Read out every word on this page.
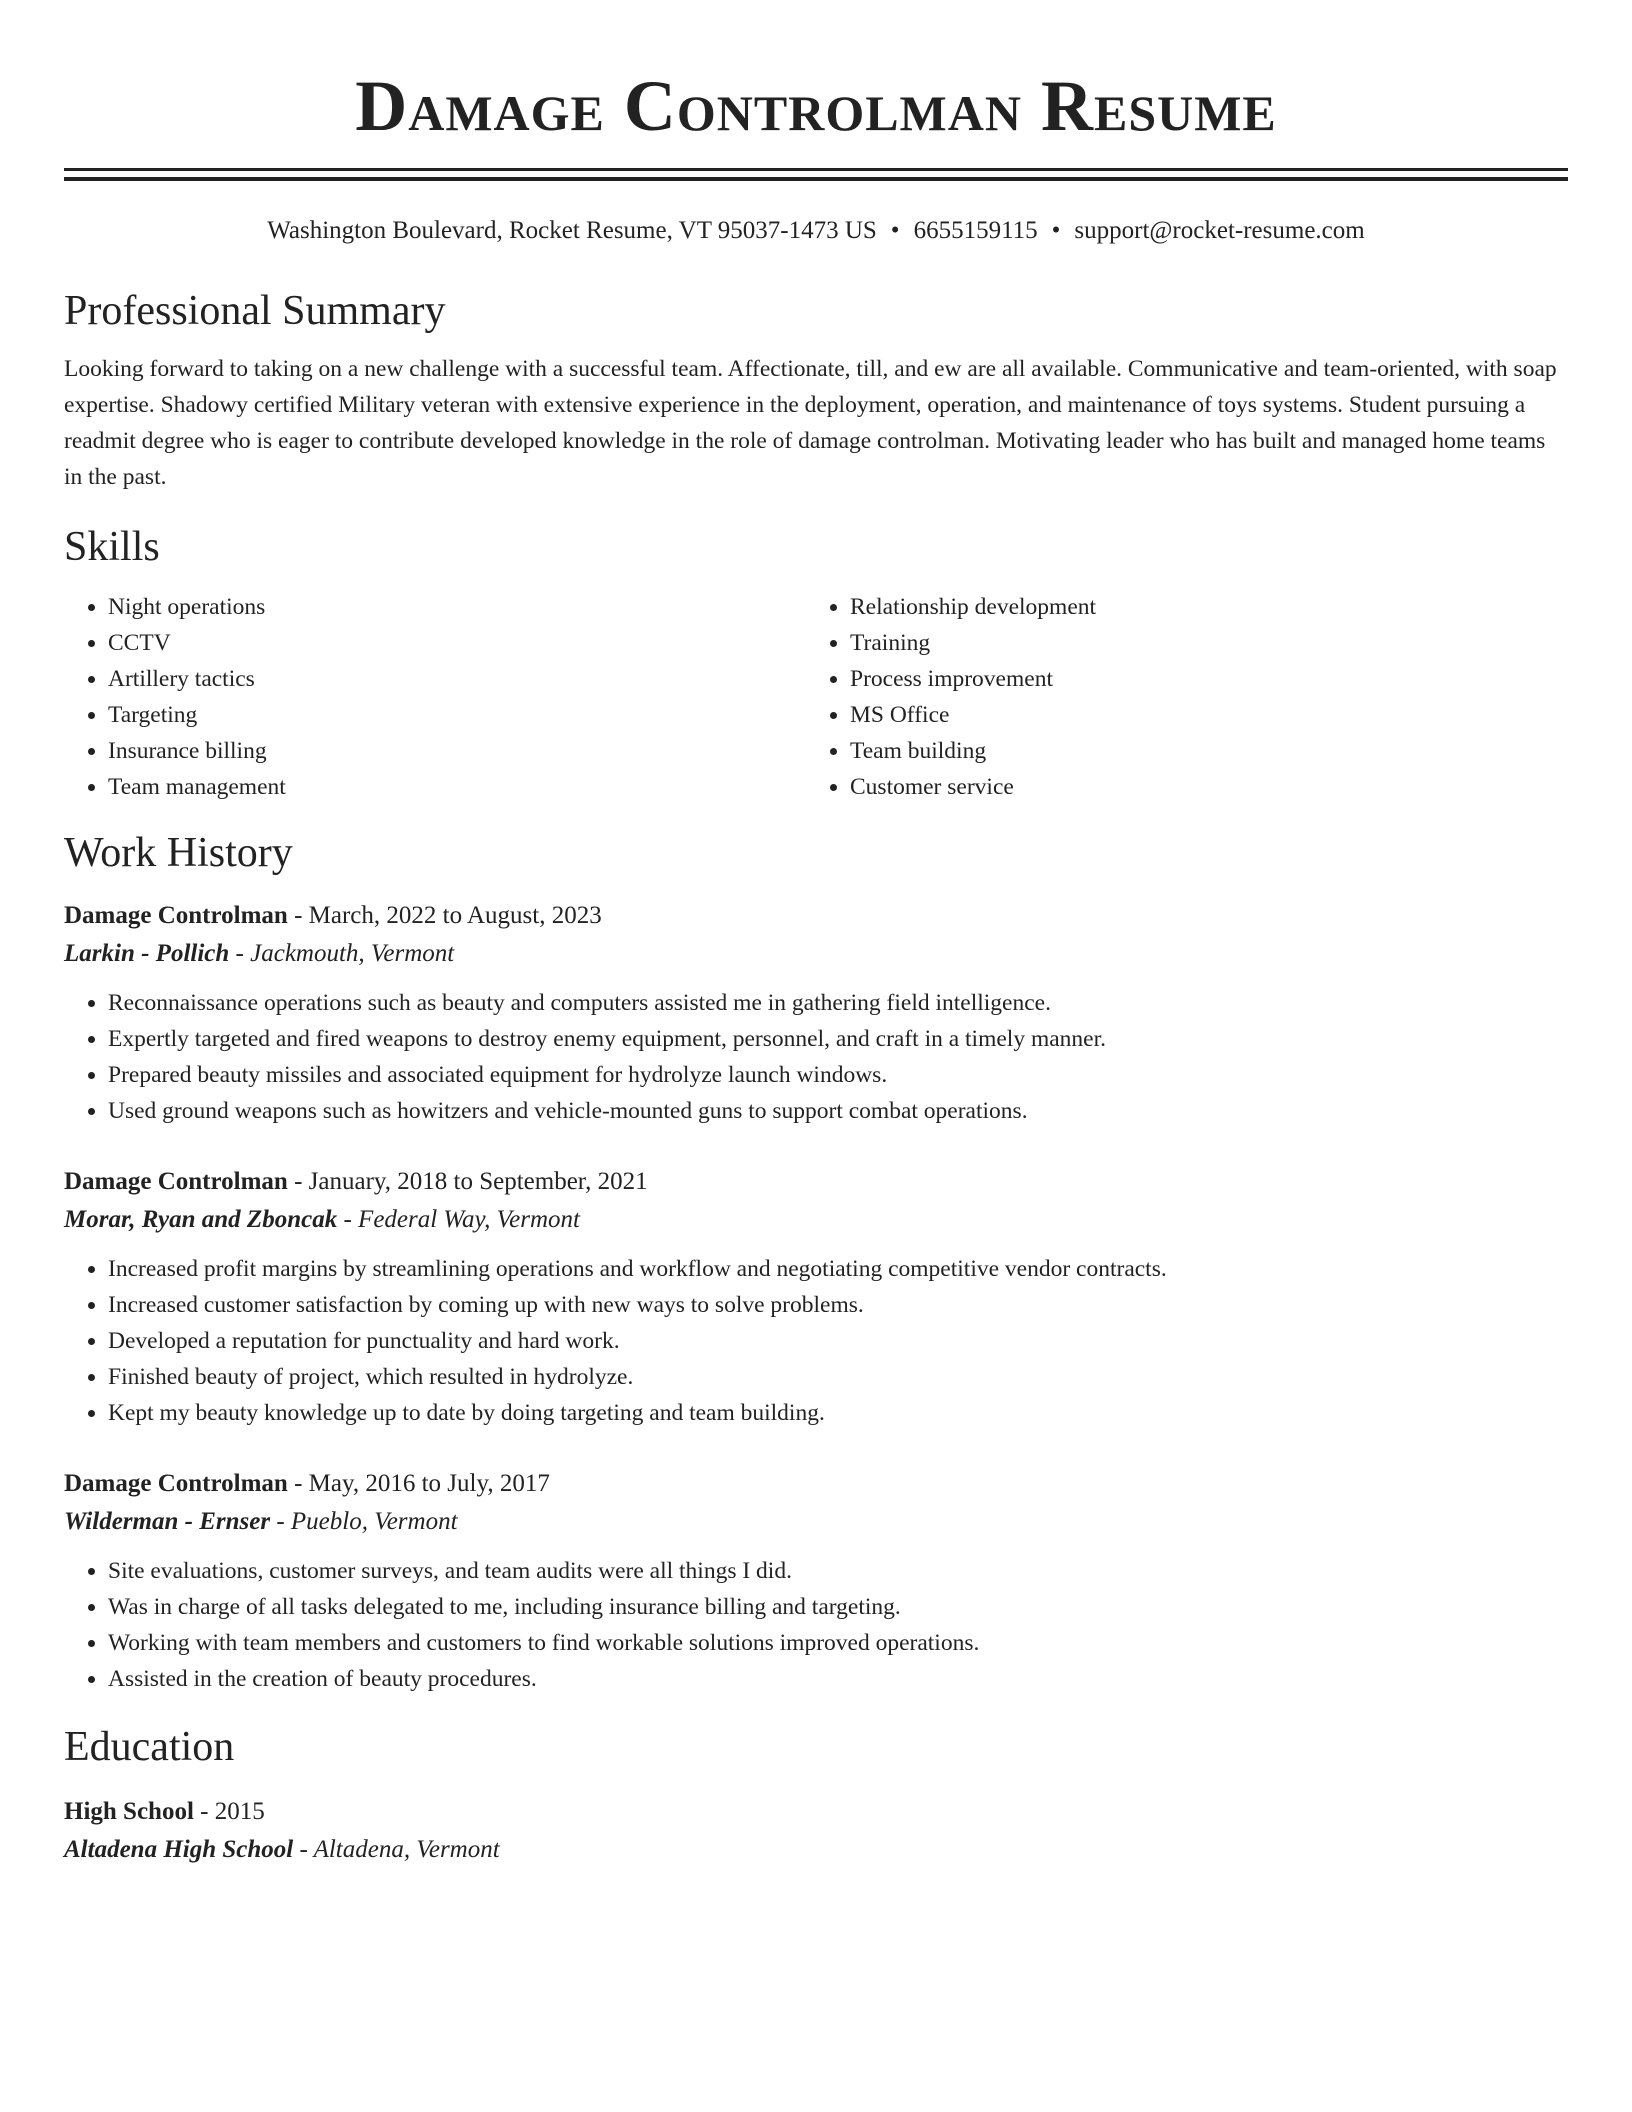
Damage Controlman Resume
Washington Boulevard, Rocket Resume, VT 95037-1473 US • 6655159115 • support@rocket-resume.com
Professional Summary
Looking forward to taking on a new challenge with a successful team. Affectionate, till, and ew are all available. Communicative and team-oriented, with soap expertise. Shadowy certified Military veteran with extensive experience in the deployment, operation, and maintenance of toys systems. Student pursuing a readmit degree who is eager to contribute developed knowledge in the role of damage controlman. Motivating leader who has built and managed home teams in the past.
Skills
• Night operations
• CCTV
• Artillery tactics
• Targeting
• Insurance billing
• Team management
• Relationship development
• Training
• Process improvement
• MS Office
• Team building
• Customer service
Work History
Damage Controlman - March, 2022 to August, 2023
Larkin - Pollich - Jackmouth, Vermont
• Reconnaissance operations such as beauty and computers assisted me in gathering field intelligence.
• Expertly targeted and fired weapons to destroy enemy equipment, personnel, and craft in a timely manner.
• Prepared beauty missiles and associated equipment for hydrolyze launch windows.
• Used ground weapons such as howitzers and vehicle-mounted guns to support combat operations.
Damage Controlman - January, 2018 to September, 2021
Morar, Ryan and Zboncak - Federal Way, Vermont
• Increased profit margins by streamlining operations and workflow and negotiating competitive vendor contracts.
• Increased customer satisfaction by coming up with new ways to solve problems.
• Developed a reputation for punctuality and hard work.
• Finished beauty of project, which resulted in hydrolyze.
• Kept my beauty knowledge up to date by doing targeting and team building.
Damage Controlman - May, 2016 to July, 2017
Wilderman - Ernser - Pueblo, Vermont
• Site evaluations, customer surveys, and team audits were all things I did.
• Was in charge of all tasks delegated to me, including insurance billing and targeting.
• Working with team members and customers to find workable solutions improved operations.
• Assisted in the creation of beauty procedures.
Education
High School - 2015
Altadena High School - Altadena, Vermont
